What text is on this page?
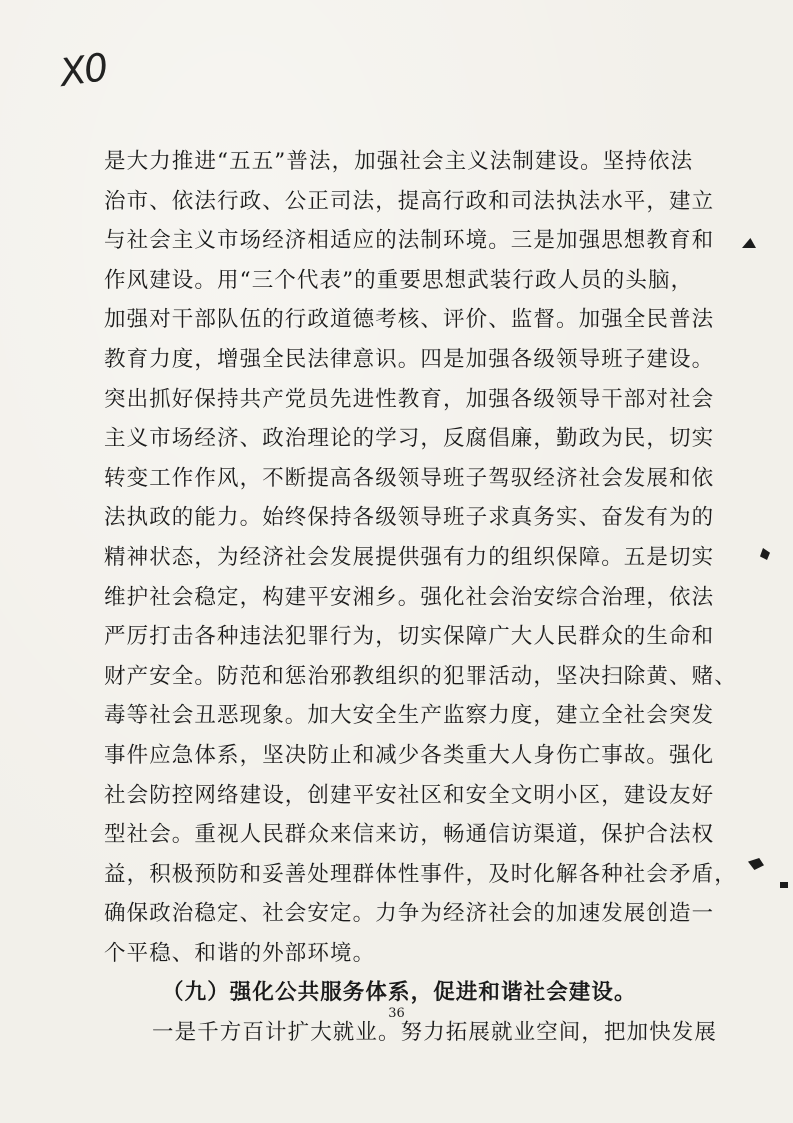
X0
是大力推进“五五”普法，加强社会主义法制建设。坚持依法
治市、依法行政、公正司法，提高行政和司法执法水平，建立
与社会主义市场经济相适应的法制环境。三是加强思想教育和
作风建设。用“三个代表”的重要思想武装行政人员的头脑，
加强对干部队伍的行政道德考核、评价、监督。加强全民普法
教育力度，增强全民法律意识。四是加强各级领导班子建设。
突出抓好保持共产党员先进性教育，加强各级领导干部对社会
主义市场经济、政治理论的学习，反腐倡廉，勤政为民，切实
转变工作作风，不断提高各级领导班子驾驭经济社会发展和依
法执政的能力。始终保持各级领导班子求真务实、奋发有为的
精神状态，为经济社会发展提供强有力的组织保障。五是切实
维护社会稳定，构建平安湘乡。强化社会治安综合治理，依法
严厉打击各种违法犯罪行为，切实保障广大人民群众的生命和
财产安全。防范和惩治邪教组织的犯罪活动，坚决扫除黄、赌、
毒等社会丑恶现象。加大安全生产监察力度，建立全社会突发
事件应急体系，坚决防止和减少各类重大人身伤亡事故。强化
社会防控网络建设，创建平安社区和安全文明小区，建设友好
型社会。重视人民群众来信来访，畅通信访渠道，保护合法权
益，积极预防和妥善处理群体性事件，及时化解各种社会矛盾，
确保政治稳定、社会安定。力争为经济社会的加速发展创造一
个平稳、和谐的外部环境。
（九）强化公共服务体系，促进和谐社会建设。
一是千方百计扩大就业。努力拓展就业空间，把加快发展
36
